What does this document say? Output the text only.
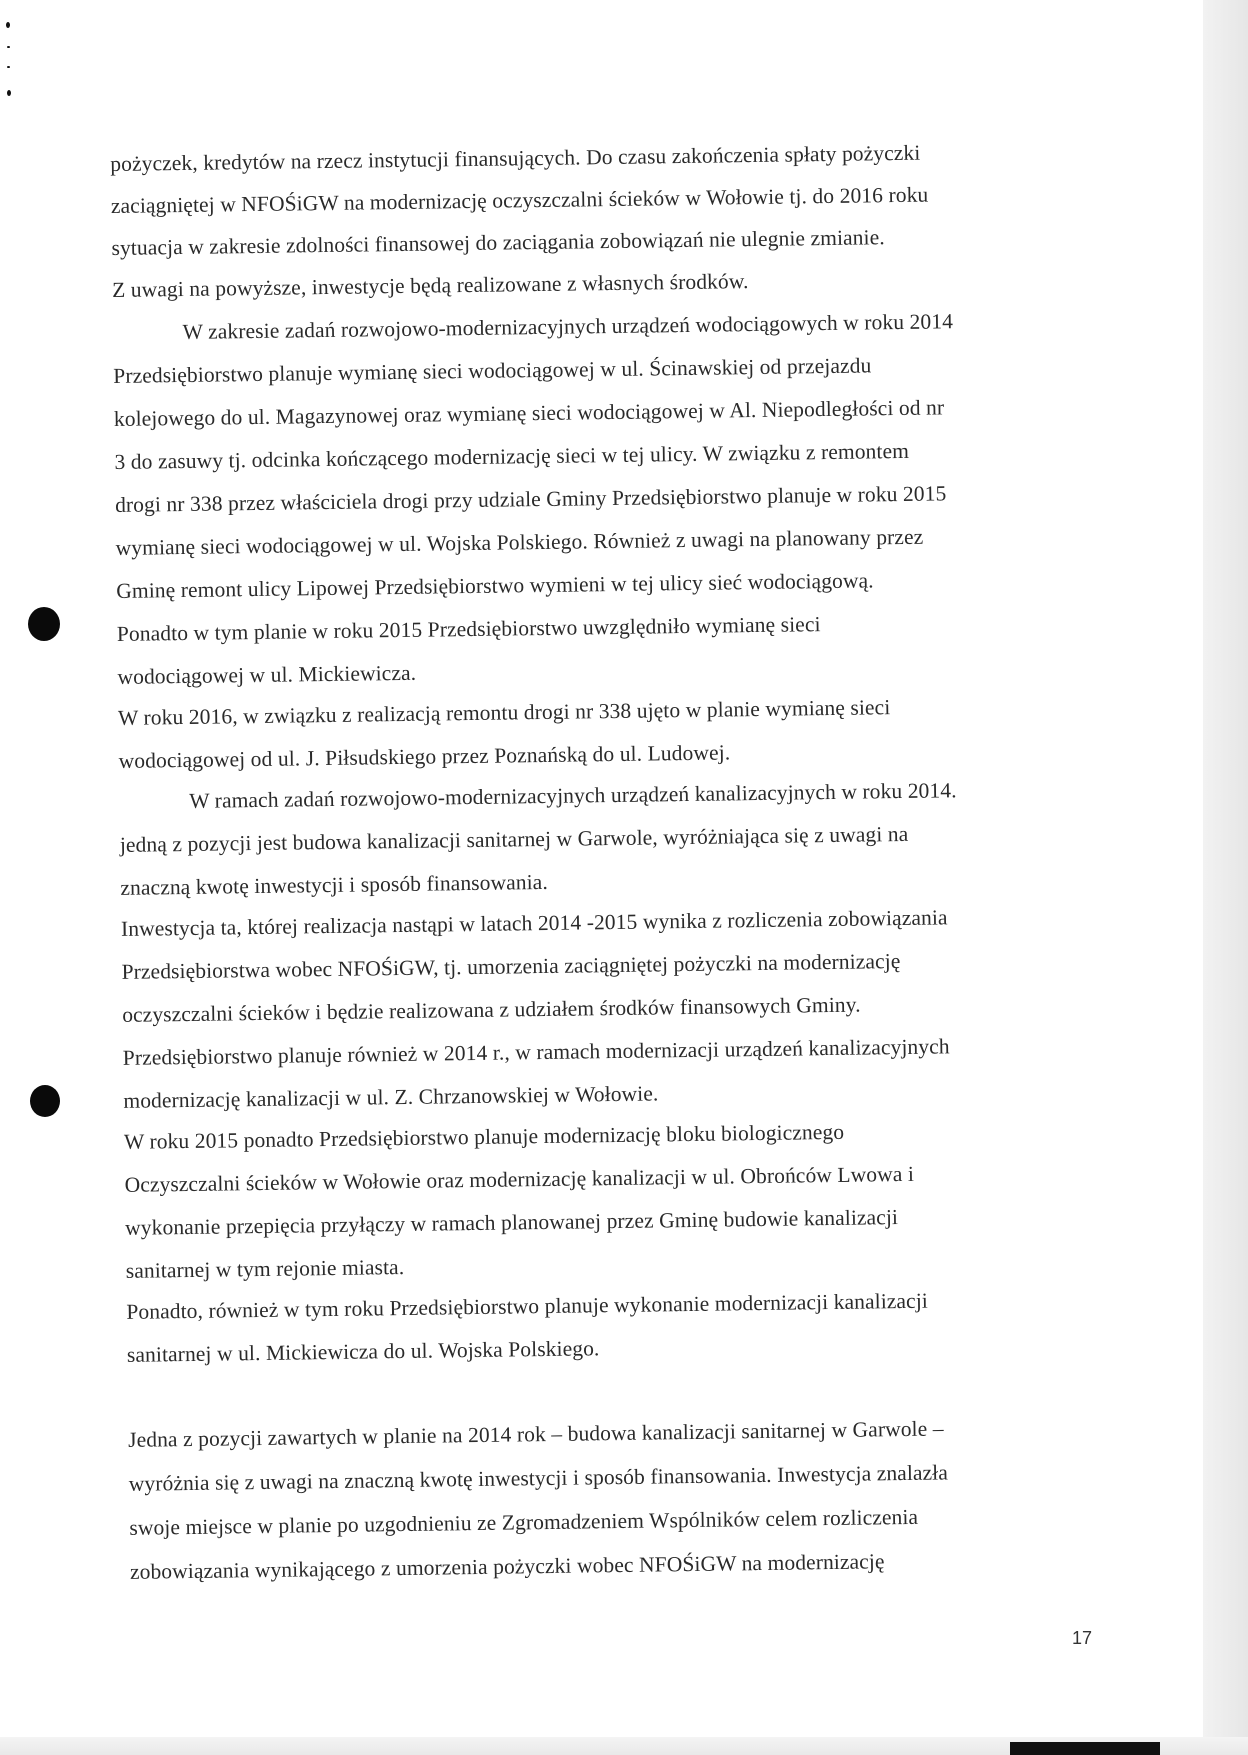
pożyczek, kredytów na rzecz instytucji finansujących. Do czasu zakończenia spłaty pożyczki
zaciągniętej w NFOŚiGW na modernizację oczyszczalni ścieków w Wołowie tj. do 2016 roku
sytuacja w zakresie zdolności finansowej do zaciągania zobowiązań nie ulegnie zmianie.
Z uwagi na powyższe, inwestycje będą realizowane z własnych środków.
W zakresie zadań rozwojowo-modernizacyjnych urządzeń wodociągowych w roku 2014
Przedsiębiorstwo planuje wymianę sieci wodociągowej w ul. Ścinawskiej od przejazdu
kolejowego do ul. Magazynowej oraz wymianę sieci wodociągowej w Al. Niepodległości od nr
3 do zasuwy tj. odcinka kończącego modernizację sieci w tej ulicy. W związku z remontem
drogi nr 338 przez właściciela drogi przy udziale Gminy Przedsiębiorstwo planuje w roku 2015
wymianę sieci wodociągowej w ul. Wojska Polskiego. Również z uwagi na planowany przez
Gminę remont ulicy Lipowej Przedsiębiorstwo wymieni w tej ulicy sieć wodociągową.
Ponadto w tym planie w roku 2015 Przedsiębiorstwo uwzględniło wymianę sieci
wodociągowej w ul. Mickiewicza.
W roku 2016, w związku z realizacją remontu drogi nr 338 ujęto w planie wymianę sieci
wodociągowej od ul. J. Piłsudskiego przez Poznańską do ul. Ludowej.
W ramach zadań rozwojowo-modernizacyjnych urządzeń kanalizacyjnych w roku 2014.
jedną z pozycji jest budowa kanalizacji sanitarnej w Garwole, wyróżniająca się z uwagi na
znaczną kwotę inwestycji i sposób finansowania.
Inwestycja ta, której realizacja nastąpi w latach 2014 -2015 wynika z rozliczenia zobowiązania
Przedsiębiorstwa wobec NFOŚiGW, tj. umorzenia zaciągniętej pożyczki na modernizację
oczyszczalni ścieków i będzie realizowana z udziałem środków finansowych Gminy.
Przedsiębiorstwo planuje również w 2014 r., w ramach modernizacji urządzeń kanalizacyjnych
modernizację kanalizacji w ul. Z. Chrzanowskiej w Wołowie.
W roku 2015 ponadto Przedsiębiorstwo planuje modernizację bloku biologicznego
Oczyszczalni ścieków w Wołowie oraz modernizację kanalizacji w ul. Obrońców Lwowa i
wykonanie przepięcia przyłączy w ramach planowanej przez Gminę budowie kanalizacji
sanitarnej w tym rejonie miasta.
Ponadto, również w tym roku Przedsiębiorstwo planuje wykonanie modernizacji kanalizacji
sanitarnej w ul. Mickiewicza do ul. Wojska Polskiego.
Jedna z pozycji zawartych w planie na 2014 rok – budowa kanalizacji sanitarnej w Garwole –
wyróżnia się z uwagi na znaczną kwotę inwestycji i sposób finansowania. Inwestycja znalazła
swoje miejsce w planie po uzgodnieniu ze Zgromadzeniem Wspólników celem rozliczenia
zobowiązania wynikającego z umorzenia pożyczki wobec NFOŚiGW na modernizację
17
